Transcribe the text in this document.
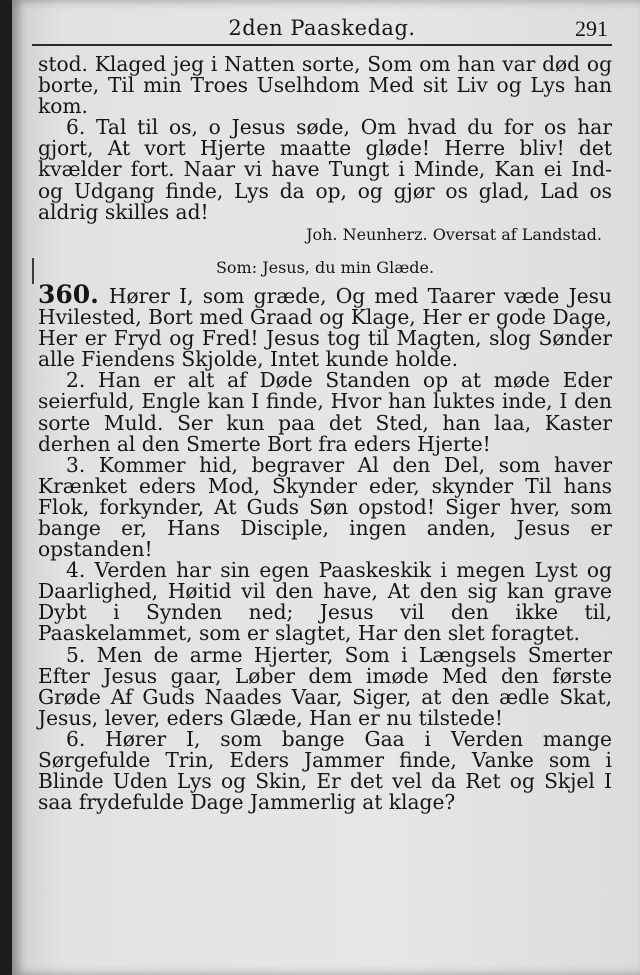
2den Paaskedag.	291

stod. Klaged jeg i Natten sorte, Som om han var død og borte, Til min Troes Uselhdom Med sit Liv og Lys han kom.

6. Tal til os, o Jesus søde, Om hvad du for os har gjort, At vort Hjerte maatte gløde! Herre bliv! det kvælder fort. Naar vi have Tungt i Minde, Kan ei Ind- og Udgang finde, Lys da op, og gjør os glad, Lad os aldrig skilles ad!

Joh. Neunherz. Oversat af Landstad.

Som: Jesus, du min Glæde.

360. Hører I, som græde, Og med Taarer væde Jesu Hvilested, Bort med Graad og Klage, Her er gode Dage, Her er Fryd og Fred! Jesus tog til Magten, slog Sønder alle Fiendens Skjolde, Intet kunde holde.

2. Han er alt af Døde Standen op at møde Eder seierfuld, Engle kan I finde, Hvor han luktes inde, I den sorte Muld. Ser kun paa det Sted, han laa, Kaster derhen al den Smerte Bort fra eders Hjerte!

3. Kommer hid, begraver Al den Del, som haver Krænket eders Mod, Skynder eder, skynder Til hans Flok, forkynder, At Guds Søn opstod! Siger hver, som bange er, Hans Disciple, ingen anden, Jesus er opstanden!

4. Verden har sin egen Paaskeskik i megen Lyst og Daarlighed, Høitid vil den have, At den sig kan grave Dybt i Synden ned; Jesus vil den ikke til, Paaskelammet, som er slagtet, Har den slet foragtet.

5. Men de arme Hjerter, Som i Længsels Smerter Efter Jesus gaar, Løber dem imøde Med den første Grøde Af Guds Naades Vaar, Siger, at den ædle Skat, Jesus, lever, eders Glæde, Han er nu tilstede!

6. Hører I, som bange Gaa i Verden mange Sørgefulde Trin, Eders Jammer finde, Vanke som i Blinde Uden Lys og Skin, Er det vel da Ret og Skjel I saa frydefulde Dage Jammerlig at klage?
